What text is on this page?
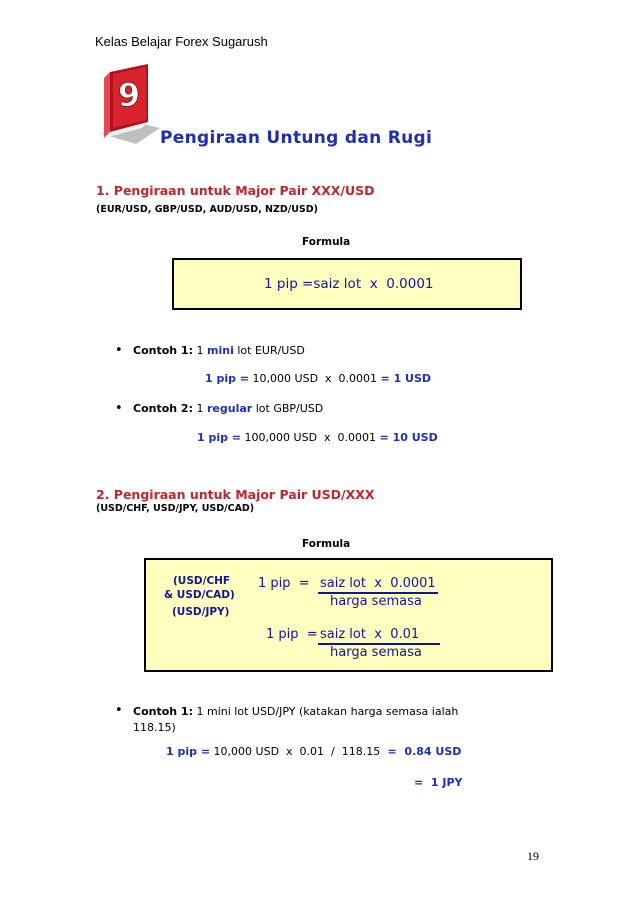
Kelas Belajar Forex Sugarush
9
Pengiraan Untung dan Rugi
1. Pengiraan untuk Major Pair XXX/USD
(EUR/USD, GBP/USD, AUD/USD, NZD/USD)
Formula
1 pip =saiz lot  x  0.0001
• Contoh 1: 1 mini lot EUR/USD
1 pip = 10,000 USD  x  0.0001 = 1 USD
• Contoh 2: 1 regular lot GBP/USD
1 pip = 100,000 USD  x  0.0001 = 10 USD
2. Pengiraan untuk Major Pair USD/XXX
(USD/CHF, USD/JPY, USD/CAD)
Formula
(USD/CHF
& USD/CAD)
(USD/JPY)
1 pip  = saiz lot  x  0.0001
harga semasa
1 pip  = saiz lot  x  0.01
harga semasa
• Contoh 1: 1 mini lot USD/JPY (katakan harga semasa ialah
118.15)
1 pip = 10,000 USD  x  0.01  /  118.15  =  0.84 USD
=  1 JPY
19
